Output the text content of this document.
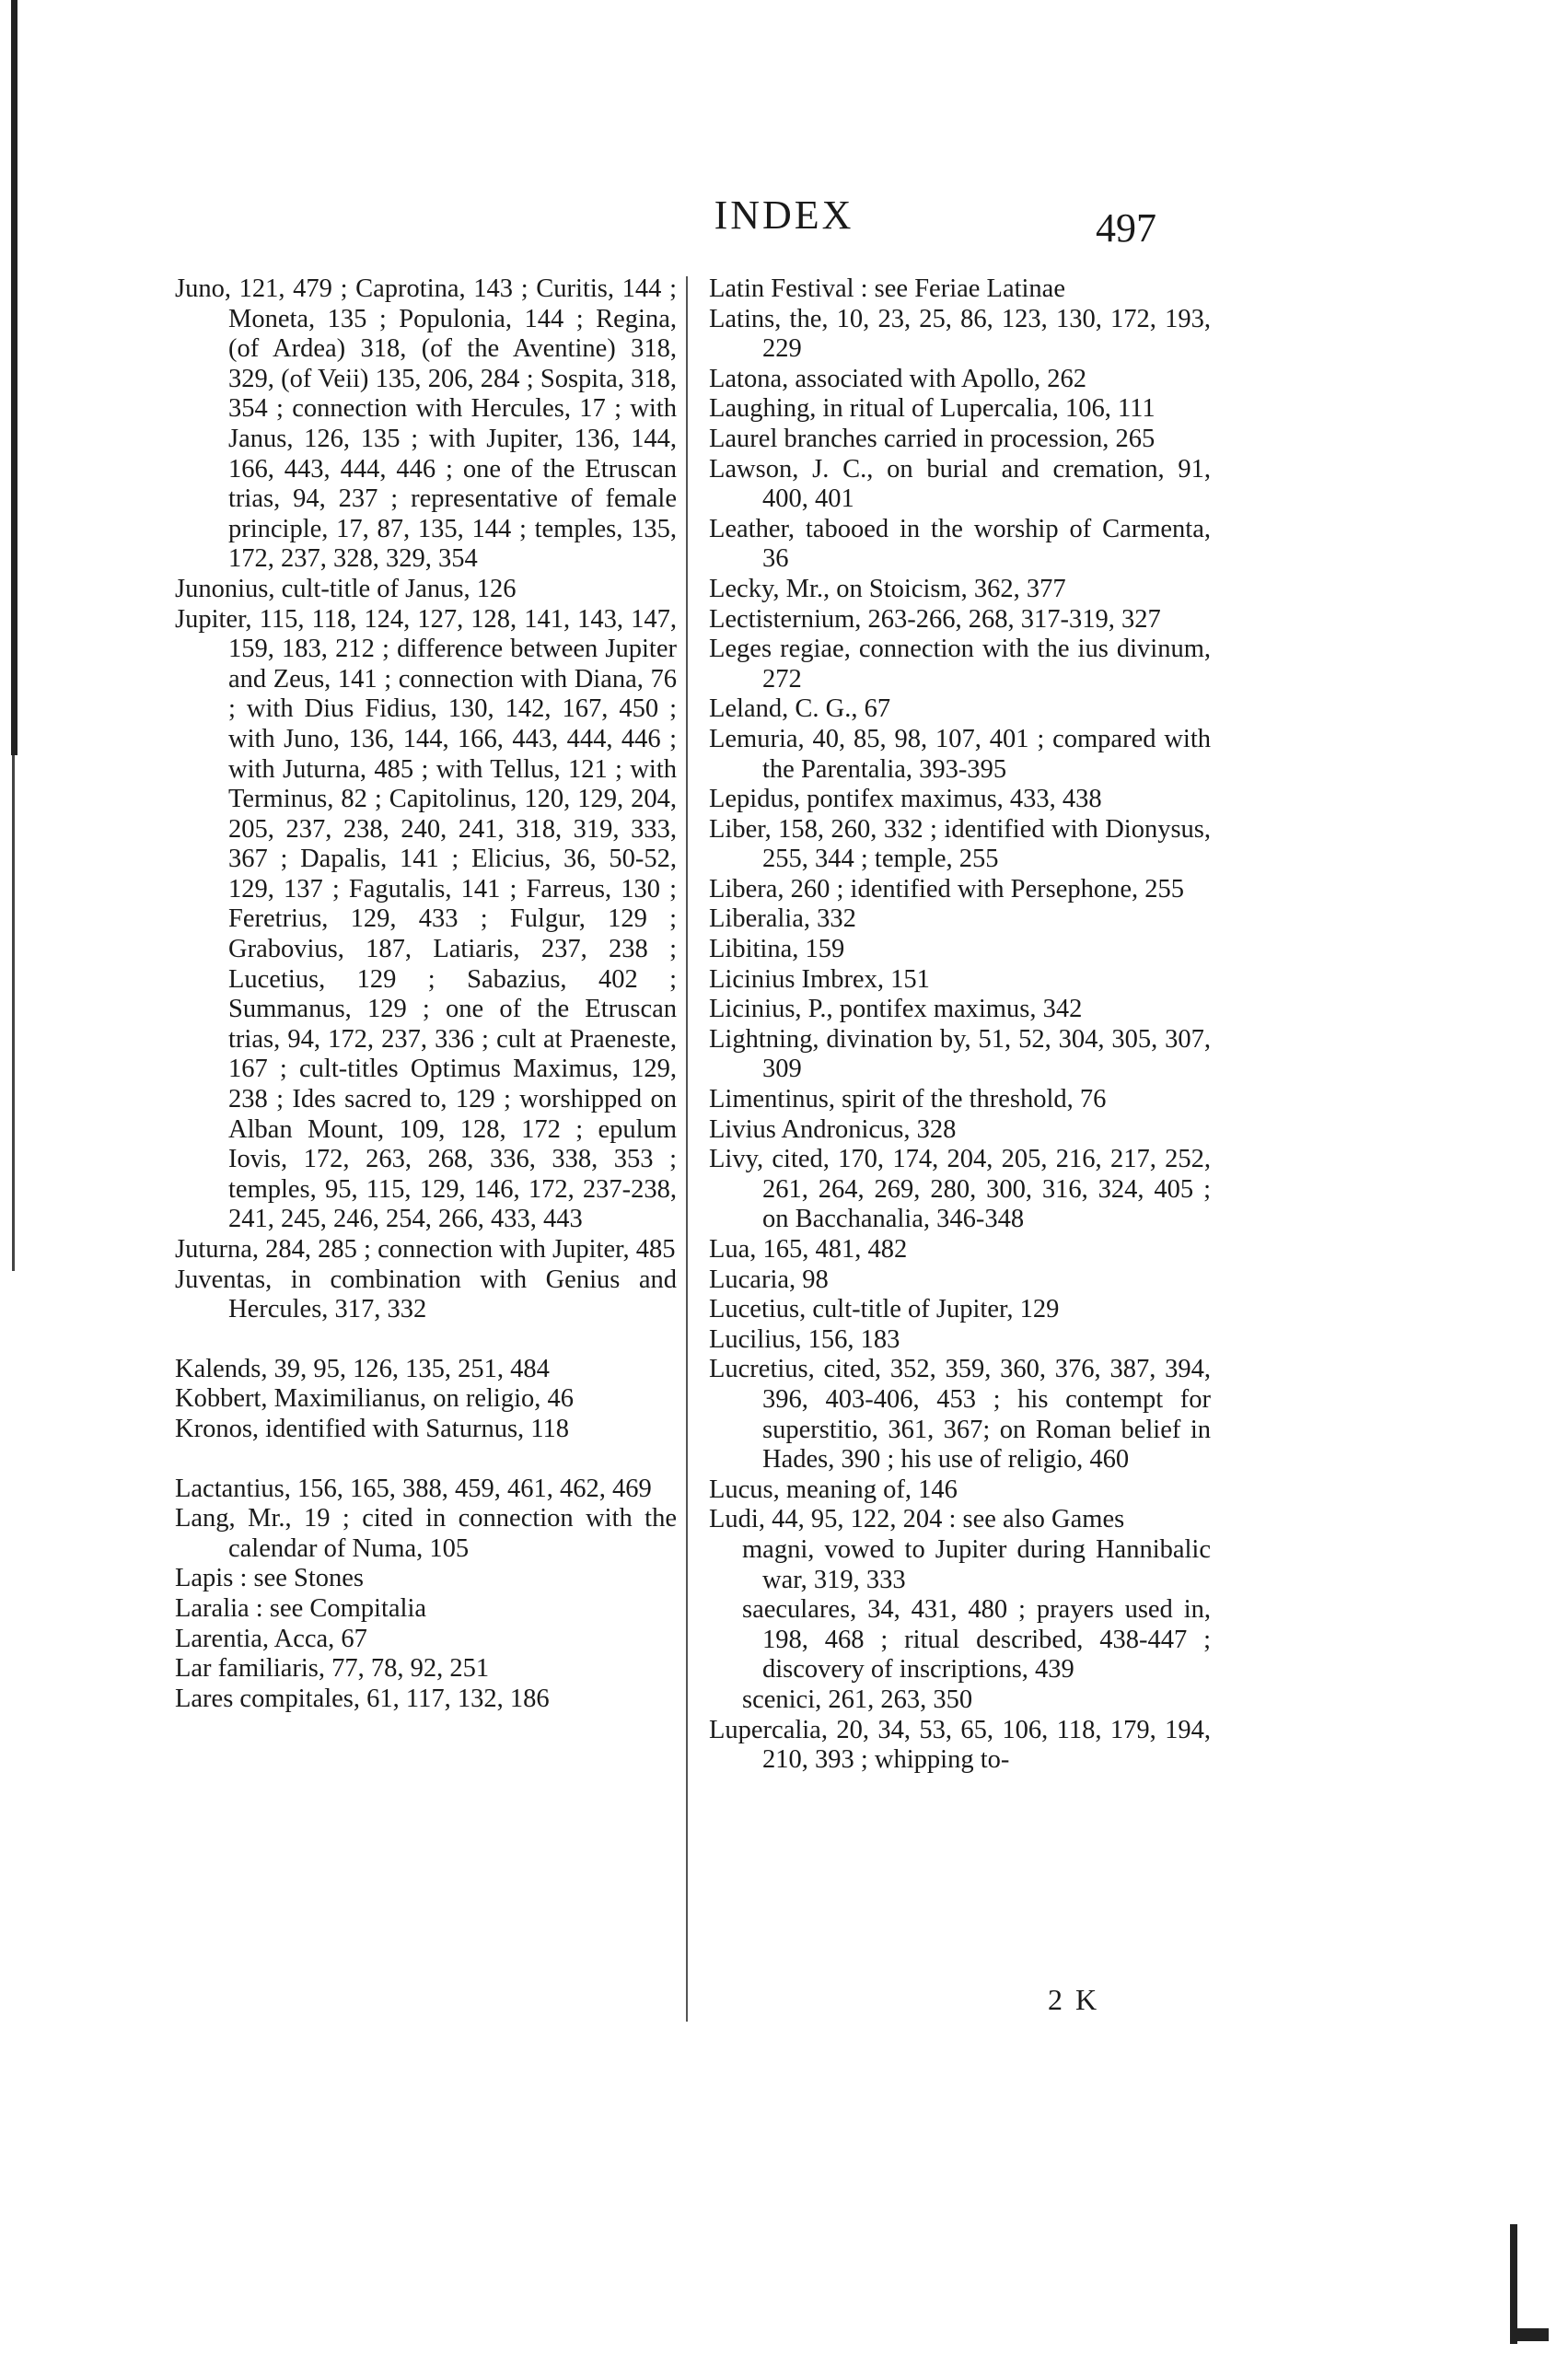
INDEX	497
Juno, 121, 479 ; Caprotina, 143 ; Curitis, 144 ; Moneta, 135 ; Populonia, 144 ; Regina, (of Ardea) 318, (of the Aventine) 318, 329, (of Veii) 135, 206, 284 ; Sospita, 318, 354 ; connection with Hercules, 17 ; with Janus, 126, 135 ; with Jupiter, 136, 144, 166, 443, 444, 446 ; one of the Etruscan trias, 94, 237 ; representative of female principle, 17, 87, 135, 144 ; temples, 135, 172, 237, 328, 329, 354
Junonius, cult-title of Janus, 126
Jupiter, 115, 118, 124, 127, 128, 141, 143, 147, 159, 183, 212 ; difference between Jupiter and Zeus, 141 ; connection with Diana, 76 ; with Dius Fidius, 130, 142, 167, 450 ; with Juno, 136, 144, 166, 443, 444, 446 ; with Juturna, 485 ; with Tellus, 121 ; with Terminus, 82 ; Capitolinus, 120, 129, 204, 205, 237, 238, 240, 241, 318, 319, 333, 367 ; Dapalis, 141 ; Elicius, 36, 50-52, 129, 137 ; Fagutalis, 141 ; Farreus, 130 ; Feretrius, 129, 433 ; Fulgur, 129 ; Grabovius, 187, Latiaris, 237, 238 ; Lucetius, 129 ; Sabazius, 402 ; Summanus, 129 ; one of the Etruscan trias, 94, 172, 237, 336 ; cult at Praeneste, 167 ; cult-titles Optimus Maximus, 129, 238 ; Ides sacred to, 129 ; worshipped on Alban Mount, 109, 128, 172 ; epulum Iovis, 172, 263, 268, 336, 338, 353 ; temples, 95, 115, 129, 146, 172, 237-238, 241, 245, 246, 254, 266, 433, 443
Juturna, 284, 285 ; connection with Jupiter, 485
Juventas, in combination with Genius and Hercules, 317, 332
Kalends, 39, 95, 126, 135, 251, 484
Kobbert, Maximilianus, on religio, 46
Kronos, identified with Saturnus, 118
Lactantius, 156, 165, 388, 459, 461, 462, 469
Lang, Mr., 19 ; cited in connection with the calendar of Numa, 105
Lapis : see Stones
Laralia : see Compitalia
Larentia, Acca, 67
Lar familiaris, 77, 78, 92, 251
Lares compitales, 61, 117, 132, 186
Latin Festival : see Feriae Latinae
Latins, the, 10, 23, 25, 86, 123, 130, 172, 193, 229
Latona, associated with Apollo, 262
Laughing, in ritual of Lupercalia, 106, 111
Laurel branches carried in procession, 265
Lawson, J. C., on burial and cremation, 91, 400, 401
Leather, tabooed in the worship of Carmenta, 36
Lecky, Mr., on Stoicism, 362, 377
Lectisternium, 263-266, 268, 317-319, 327
Leges regiae, connection with the ius divinum, 272
Leland, C. G., 67
Lemuria, 40, 85, 98, 107, 401 ; compared with the Parentalia, 393-395
Lepidus, pontifex maximus, 433, 438
Liber, 158, 260, 332 ; identified with Dionysus, 255, 344 ; temple, 255
Libera, 260 ; identified with Persephone, 255
Liberalia, 332
Libitina, 159
Licinius Imbrex, 151
Licinius, P., pontifex maximus, 342
Lightning, divination by, 51, 52, 304, 305, 307, 309
Limentinus, spirit of the threshold, 76
Livius Andronicus, 328
Livy, cited, 170, 174, 204, 205, 216, 217, 252, 261, 264, 269, 280, 300, 316, 324, 405 ; on Bacchanalia, 346-348
Lua, 165, 481, 482
Lucaria, 98
Lucetius, cult-title of Jupiter, 129
Lucilius, 156, 183
Lucretius, cited, 352, 359, 360, 376, 387, 394, 396, 403-406, 453 ; his contempt for superstitio, 361, 367; on Roman belief in Hades, 390 ; his use of religio, 460
Lucus, meaning of, 146
Ludi, 44, 95, 122, 204 : see also Games
magni, vowed to Jupiter during Hannibalic war, 319, 333
saeculares, 34, 431, 480 ; prayers used in, 198, 468 ; ritual described, 438-447 ; discovery of inscriptions, 439
scenici, 261, 263, 350
Lupercalia, 20, 34, 53, 65, 106, 118, 179, 194, 210, 393 ; whipping to-
2 K
